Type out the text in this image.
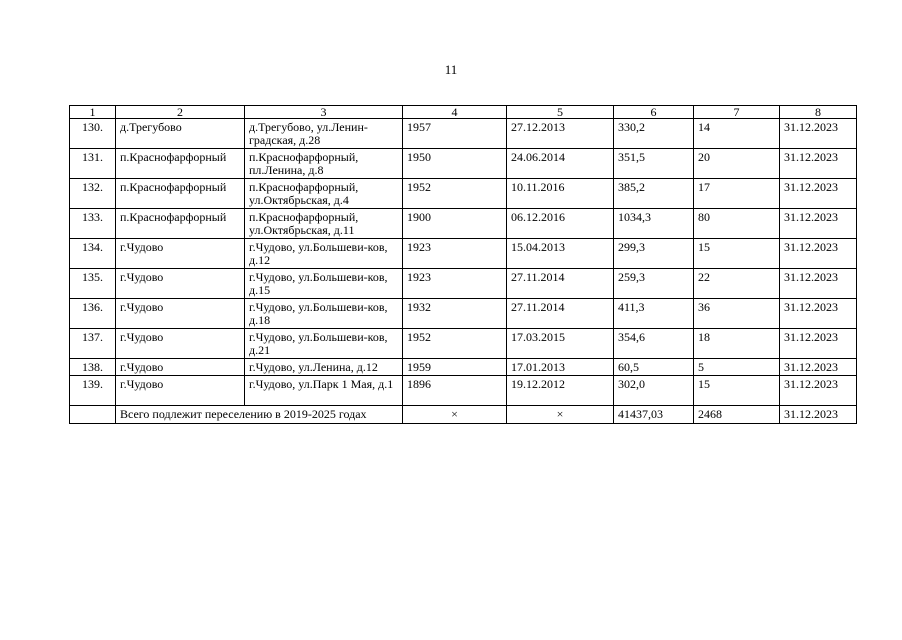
11
1	2	3	4	5	6	7	8
130.	д.Трегубово	д.Трегубово, ул.Ленин-градская, д.28	1957	27.12.2013	330,2	14	31.12.2023
131.	п.Краснофарфорный	п.Краснофарфорный, пл.Ленина, д.8	1950	24.06.2014	351,5	20	31.12.2023
132.	п.Краснофарфорный	п.Краснофарфорный, ул.Октябрьская, д.4	1952	10.11.2016	385,2	17	31.12.2023
133.	п.Краснофарфорный	п.Краснофарфорный, ул.Октябрьская, д.11	1900	06.12.2016	1034,3	80	31.12.2023
134.	г.Чудово	г.Чудово, ул.Большеви-ков, д.12	1923	15.04.2013	299,3	15	31.12.2023
135.	г.Чудово	г.Чудово, ул.Большеви-ков, д.15	1923	27.11.2014	259,3	22	31.12.2023
136.	г.Чудово	г.Чудово, ул.Большеви-ков, д.18	1932	27.11.2014	411,3	36	31.12.2023
137.	г.Чудово	г.Чудово, ул.Большеви-ков, д.21	1952	17.03.2015	354,6	18	31.12.2023
138.	г.Чудово	г.Чудово, ул.Ленина, д.12	1959	17.01.2013	60,5	5	31.12.2023
139.	г.Чудово	г.Чудово, ул.Парк 1 Мая, д.1	1896	19.12.2012	302,0	15	31.12.2023
	Всего подлежит переселению в 2019-2025 годах		×	×	41437,03	2468	31.12.2023
